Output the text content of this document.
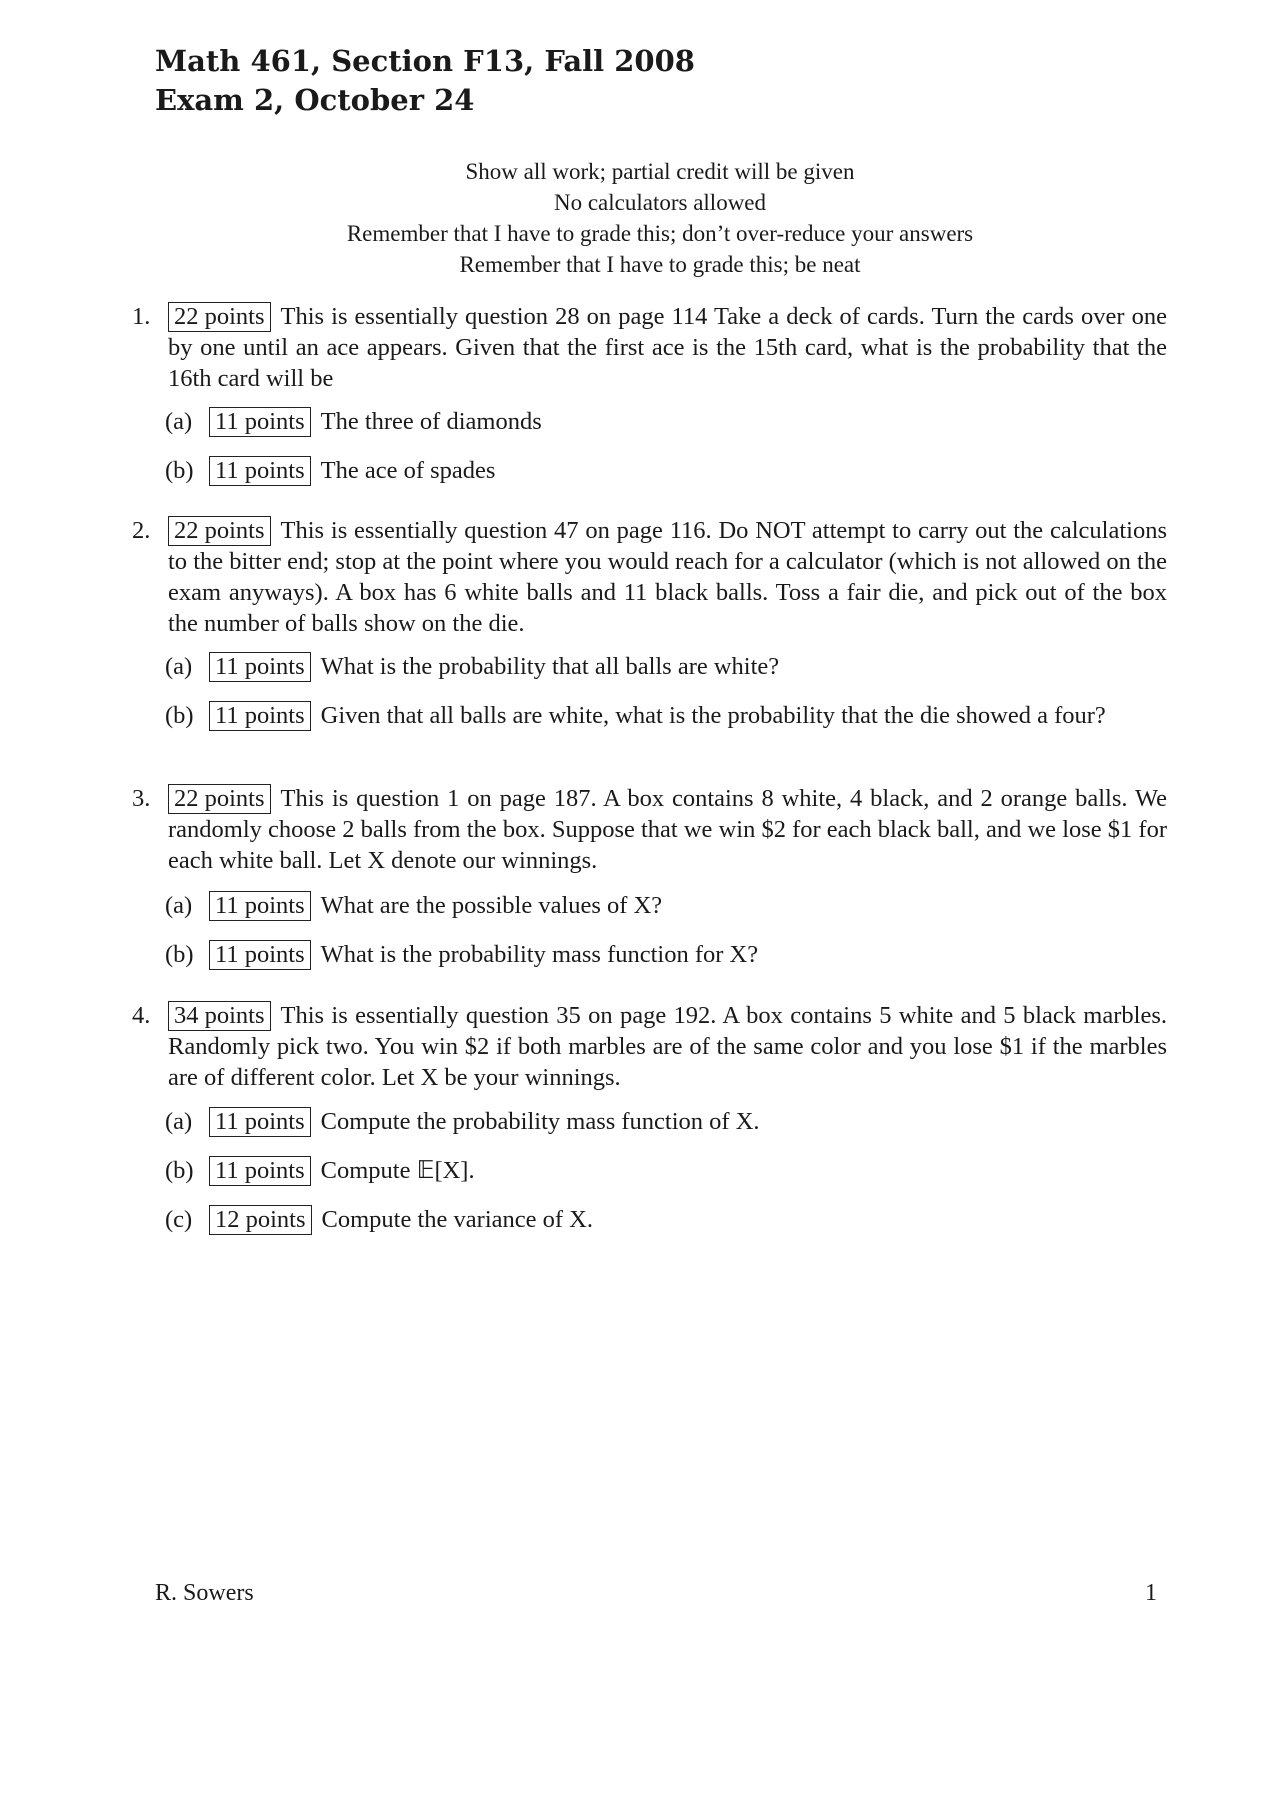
Math 461, Section F13, Fall 2008
Exam 2, October 24
Show all work; partial credit will be given
No calculators allowed
Remember that I have to grade this; don’t over-reduce your answers
Remember that I have to grade this; be neat
1. 22 points This is essentially question 28 on page 114 Take a deck of cards. Turn the cards over one by one until an ace appears. Given that the first ace is the 15th card, what is the probability that the 16th card will be
(a) 11 points The three of diamonds
(b) 11 points The ace of spades
2. 22 points This is essentially question 47 on page 116. Do NOT attempt to carry out the calculations to the bitter end; stop at the point where you would reach for a calculator (which is not allowed on the exam anyways). A box has 6 white balls and 11 black balls. Toss a fair die, and pick out of the box the number of balls show on the die.
(a) 11 points What is the probability that all balls are white?
(b) 11 points Given that all balls are white, what is the probability that the die showed a four?
3. 22 points This is question 1 on page 187. A box contains 8 white, 4 black, and 2 orange balls. We randomly choose 2 balls from the box. Suppose that we win $2 for each black ball, and we lose $1 for each white ball. Let X denote our winnings.
(a) 11 points What are the possible values of X?
(b) 11 points What is the probability mass function for X?
4. 34 points This is essentially question 35 on page 192. A box contains 5 white and 5 black marbles. Randomly pick two. You win $2 if both marbles are of the same color and you lose $1 if the marbles are of different color. Let X be your winnings.
(a) 11 points Compute the probability mass function of X.
(b) 11 points Compute 𝔼[X].
(c) 12 points Compute the variance of X.
R. Sowers	1
